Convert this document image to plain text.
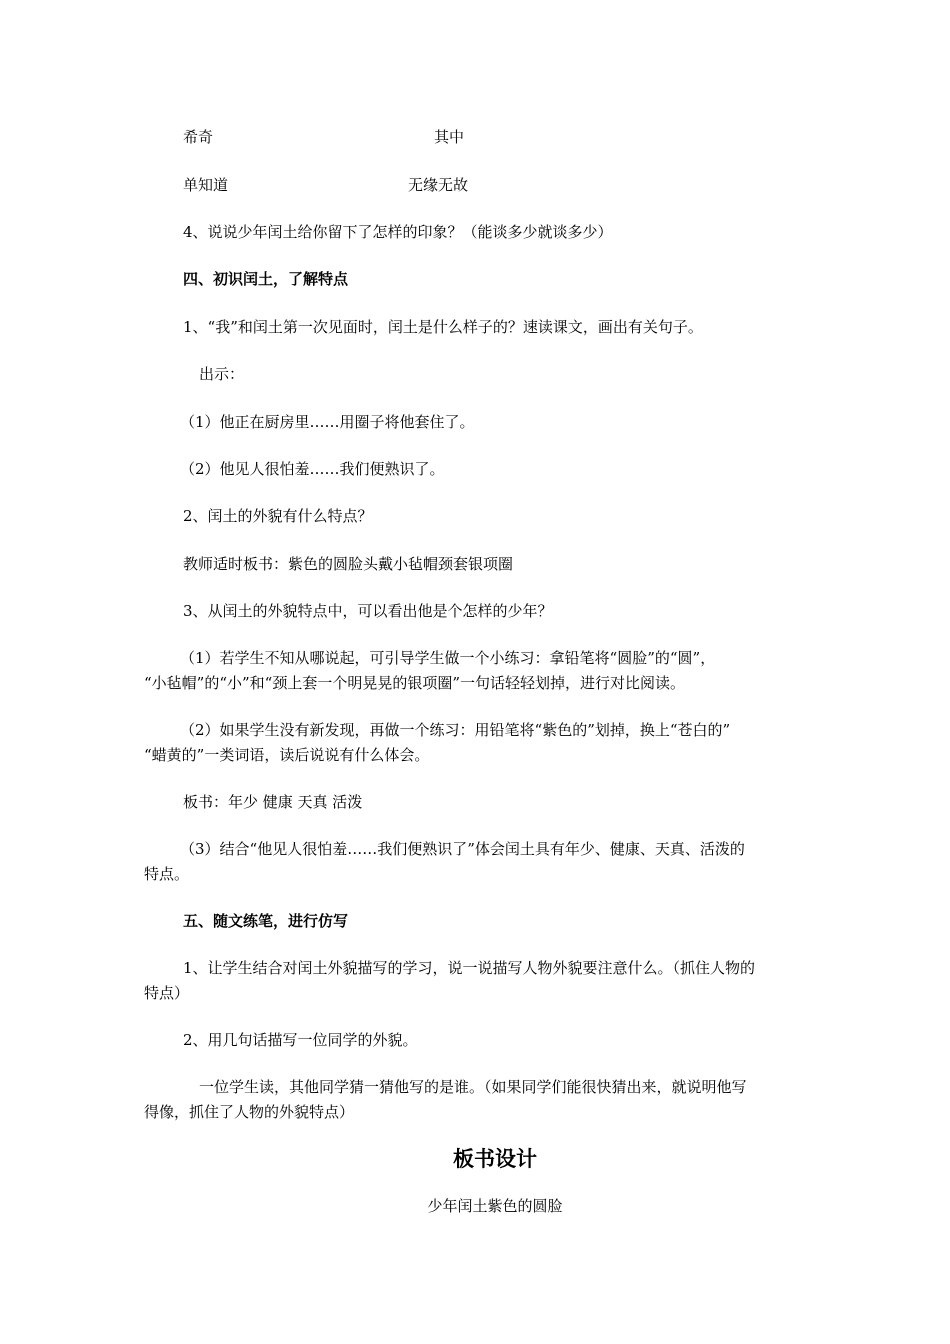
希奇	其中
单知道	无缘无故
4、说说少年闰土给你留下了怎样的印象？（能谈多少就谈多少）
四、初识闰土，了解特点
1、“我”和闰土第一次见面时，闰土是什么样子的？速读课文，画出有关句子。
出示：
（1）他正在厨房里……用圈子将他套住了。
（2）他见人很怕羞……我们便熟识了。
2、闰土的外貌有什么特点？
教师适时板书：紫色的圆脸头戴小毡帽颈套银项圈
3、从闰土的外貌特点中，可以看出他是个怎样的少年？
（1）若学生不知从哪说起，可引导学生做一个小练习：拿铅笔将“圆脸”的“圆”，
“小毡帽”的“小”和“颈上套一个明晃晃的银项圈”一句话轻轻划掉，进行对比阅读。
（2）如果学生没有新发现，再做一个练习：用铅笔将“紫色的”划掉，换上“苍白的”
“蜡黄的”一类词语，读后说说有什么体会。
板书：年少 健康 天真 活泼
（3）结合“他见人很怕羞……我们便熟识了”体会闰土具有年少、健康、天真、活泼的
特点。
五、随文练笔，进行仿写
1、让学生结合对闰土外貌描写的学习，说一说描写人物外貌要注意什么。（抓住人物的
特点）
2、用几句话描写一位同学的外貌。
一位学生读，其他同学猜一猜他写的是谁。（如果同学们能很快猜出来，就说明他写
得像，抓住了人物的外貌特点）
板书设计
少年闰土紫色的圆脸
